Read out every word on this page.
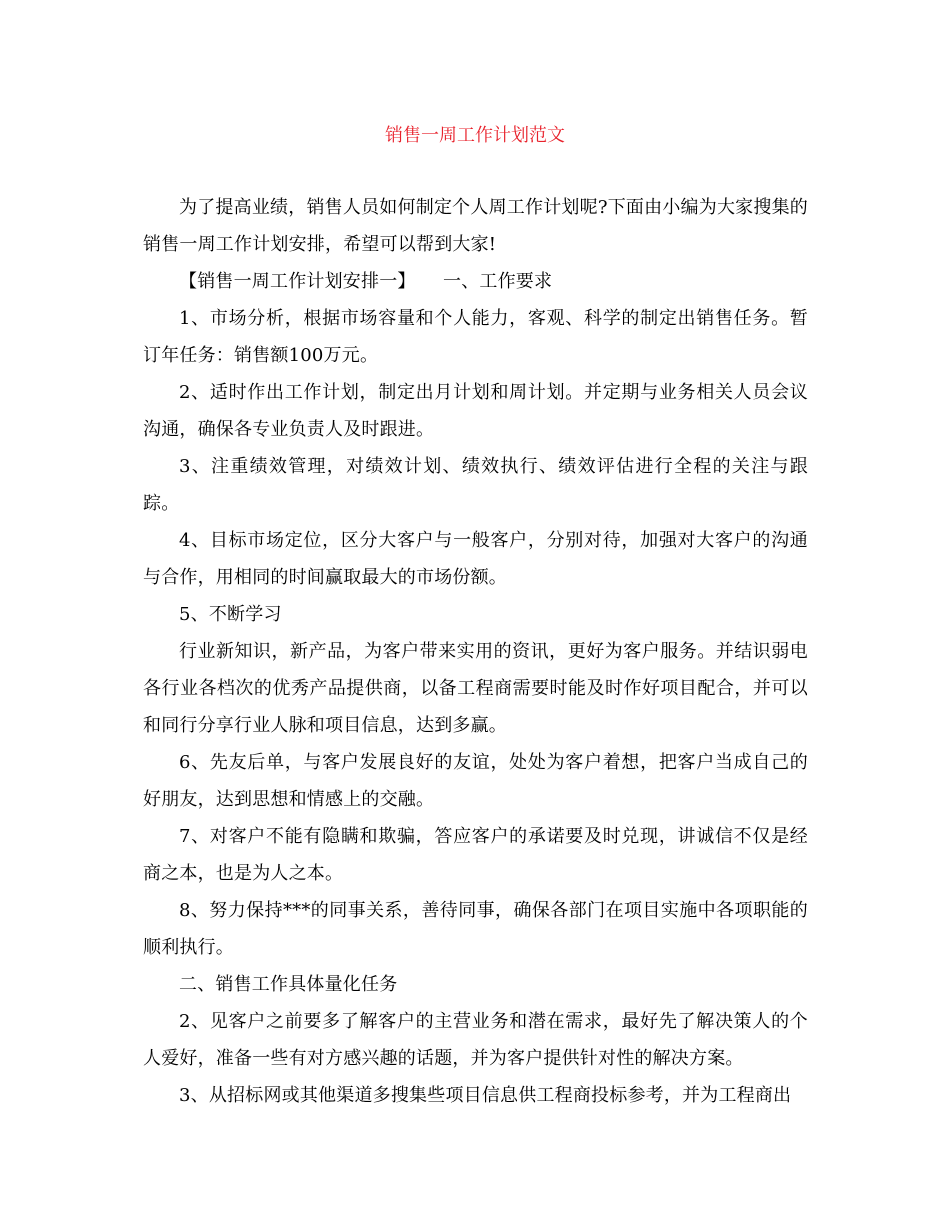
销售一周工作计划范文

为了提高业绩，销售人员如何制定个人周工作计划呢?下面由小编为大家搜集的销售一周工作计划安排，希望可以帮到大家!

【销售一周工作计划安排一】　　一、工作要求

1、市场分析，根据市场容量和个人能力，客观、科学的制定出销售任务。暂订年任务：销售额100万元。

2、适时作出工作计划，制定出月计划和周计划。并定期与业务相关人员会议沟通，确保各专业负责人及时跟进。

3、注重绩效管理，对绩效计划、绩效执行、绩效评估进行全程的关注与跟踪。

4、目标市场定位，区分大客户与一般客户，分别对待，加强对大客户的沟通与合作，用相同的时间赢取最大的市场份额。

5、不断学习

行业新知识，新产品，为客户带来实用的资讯，更好为客户服务。并结识弱电各行业各档次的优秀产品提供商，以备工程商需要时能及时作好项目配合，并可以和同行分享行业人脉和项目信息，达到多赢。

6、先友后单，与客户发展良好的友谊，处处为客户着想，把客户当成自己的好朋友，达到思想和情感上的交融。

7、对客户不能有隐瞒和欺骗，答应客户的承诺要及时兑现，讲诚信不仅是经商之本，也是为人之本。

8、努力保持***的同事关系，善待同事，确保各部门在项目实施中各项职能的顺利执行。

二、销售工作具体量化任务

2、见客户之前要多了解客户的主营业务和潜在需求，最好先了解决策人的个人爱好，准备一些有对方感兴趣的话题，并为客户提供针对性的解决方案。

3、从招标网或其他渠道多搜集些项目信息供工程商投标参考，并为工程商出
